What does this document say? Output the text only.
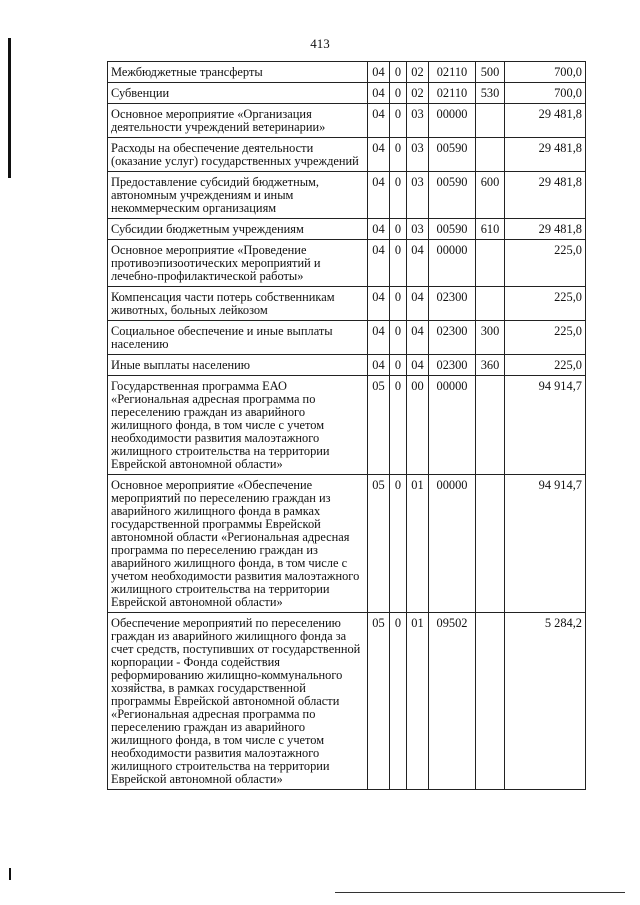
413
Межбюджетные трансферты	04	0	02	02110	500	700,0
Субвенции	04	0	02	02110	530	700,0
Основное мероприятие «Организация деятельности учреждений ветеринарии»	04	0	03	00000		29 481,8
Расходы на обеспечение деятельности (оказание услуг) государственных учреждений	04	0	03	00590		29 481,8
Предоставление субсидий бюджетным, автономным учреждениям и иным некоммерческим организациям	04	0	03	00590	600	29 481,8
Субсидии бюджетным учреждениям	04	0	03	00590	610	29 481,8
Основное мероприятие «Проведение противоэпизоотических мероприятий и лечебно-профилактической работы»	04	0	04	00000		225,0
Компенсация части потерь собственникам животных, больных лейкозом	04	0	04	02300		225,0
Социальное обеспечение и иные выплаты населению	04	0	04	02300	300	225,0
Иные выплаты населению	04	0	04	02300	360	225,0
Государственная программа ЕАО «Региональная адресная программа по переселению граждан из аварийного жилищного фонда, в том числе с учетом необходимости развития малоэтажного жилищного строительства на территории Еврейской автономной области»	05	0	00	00000		94 914,7
Основное мероприятие «Обеспечение мероприятий по переселению граждан из аварийного жилищного фонда в рамках государственной программы Еврейской автономной области «Региональная адресная программа по переселению граждан из аварийного жилищного фонда, в том числе с учетом необходимости развития малоэтажного жилищного строительства на территории Еврейской автономной области»	05	0	01	00000		94 914,7
Обеспечение мероприятий по переселению граждан из аварийного жилищного фонда за счет средств, поступивших от государственной корпорации - Фонда содействия реформированию жилищно-коммунального хозяйства, в рамках государственной программы Еврейской автономной области «Региональная адресная программа по переселению граждан из аварийного жилищного фонда, в том числе с учетом необходимости развития малоэтажного жилищного строительства на территории Еврейской автономной области»	05	0	01	09502		5 284,2
